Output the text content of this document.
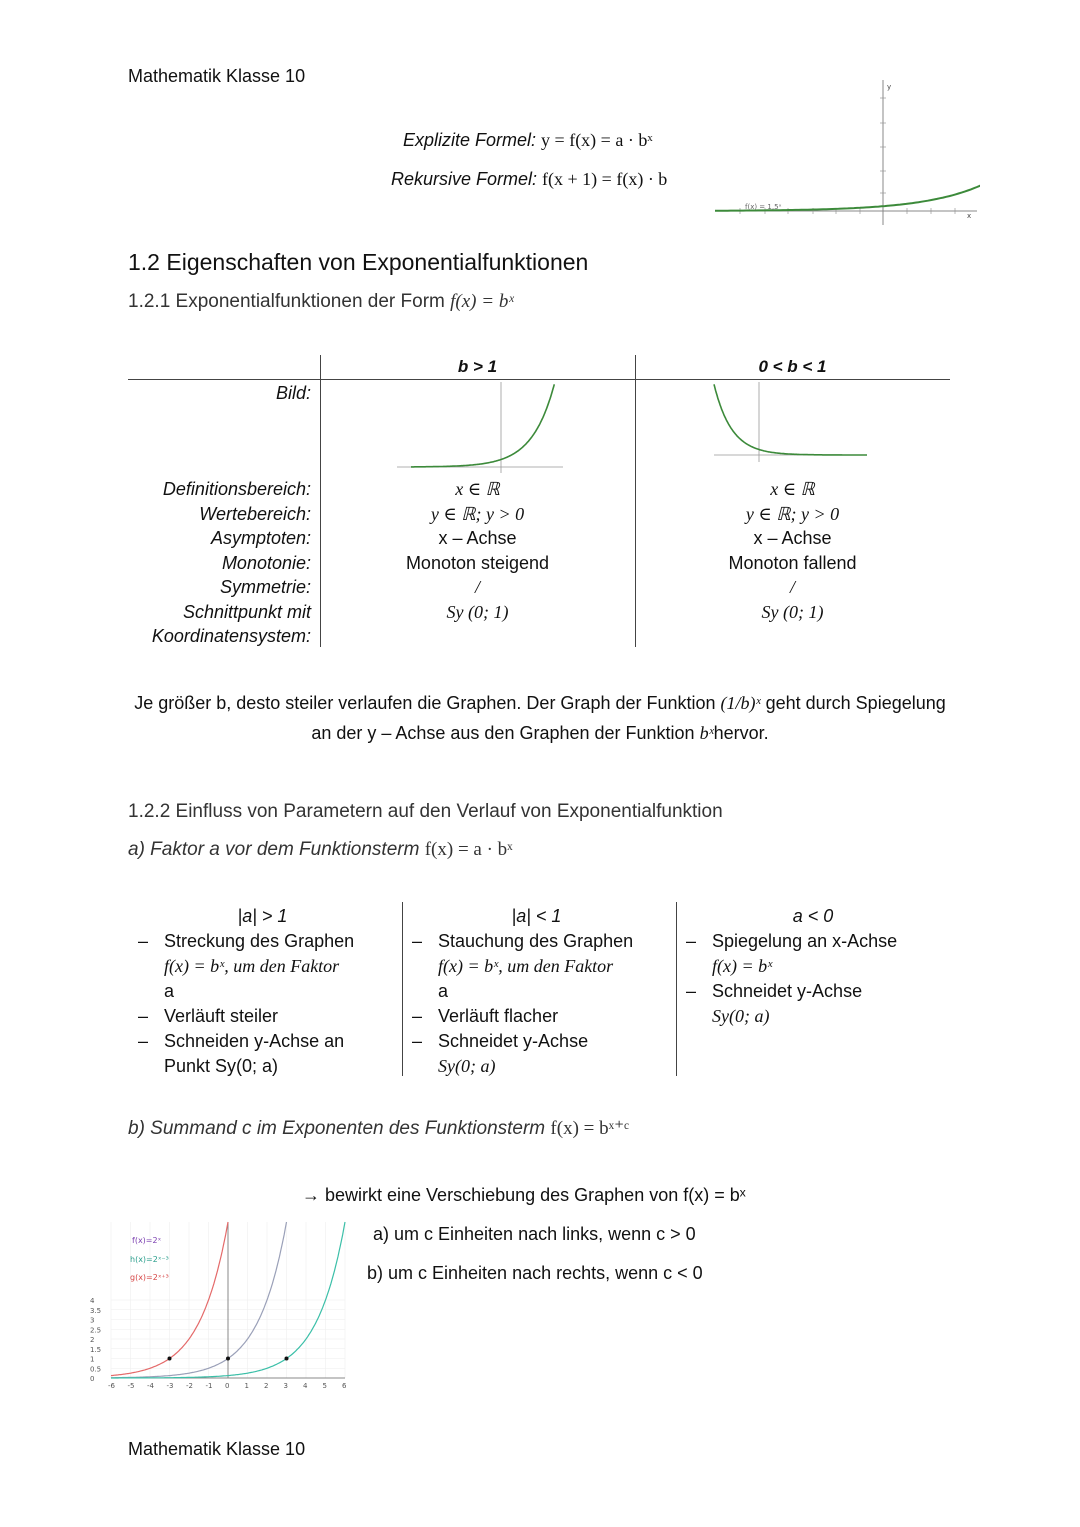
Mathematik Klasse 10
Explizite Formel: y = f(x) = a · bˣ
Rekursive Formel: f(x + 1) = f(x) · b
f(x) = 1,5ˣ
x
y
1.2 Eigenschaften von Exponentialfunktionen
1.2.1 Exponentialfunktionen der Form f(x) = bˣ
b > 1	0 < b < 1
Bild:
Definitionsbereich:
Wertebereich:
Asymptoten:
Monotonie:
Symmetrie:
Schnittpunkt mit
Koordinatensystem:
x ∈ ℝ
y ∈ ℝ; y > 0
x – Achse
Monoton steigend
/
Sy (0; 1)
x ∈ ℝ
y ∈ ℝ; y > 0
x – Achse
Monoton fallend
/
Sy (0; 1)
Je größer b, desto steiler verlaufen die Graphen. Der Graph der Funktion (1/b)ˣ geht durch Spiegelung
an der y – Achse aus den Graphen der Funktion bˣhervor.
1.2.2 Einfluss von Parametern auf den Verlauf von Exponentialfunktion
a) Faktor a vor dem Funktionsterm f(x) = a · bˣ
|a| > 1
– Streckung des Graphen
f(x) = bˣ, um den Faktor
a
– Verläuft steiler
– Schneiden y-Achse an
Punkt Sy(0; a)
|a| < 1
– Stauchung des Graphen
f(x) = bˣ, um den Faktor
a
– Verläuft flacher
– Schneidet y-Achse
Sy(0; a)
a < 0
– Spiegelung an x-Achse
f(x) = bˣ
– Schneidet y-Achse
Sy(0; a)
b) Summand c im Exponenten des Funktionsterm f(x) = bˣ⁺ᶜ
→ bewirkt eine Verschiebung des Graphen von f(x) = bˣ
a) um c Einheiten nach links, wenn c > 0
b) um c Einheiten nach rechts, wenn c < 0
4
3.5
3
2.5
2
1.5
1
0.5
0
-6 -5 -4 -3 -2 -1 0 1 2 3 4 5 6
f(x)=2ˣ
h(x)=2ˣ⁻³
g(x)=2ˣ⁺³
Mathematik Klasse 10
